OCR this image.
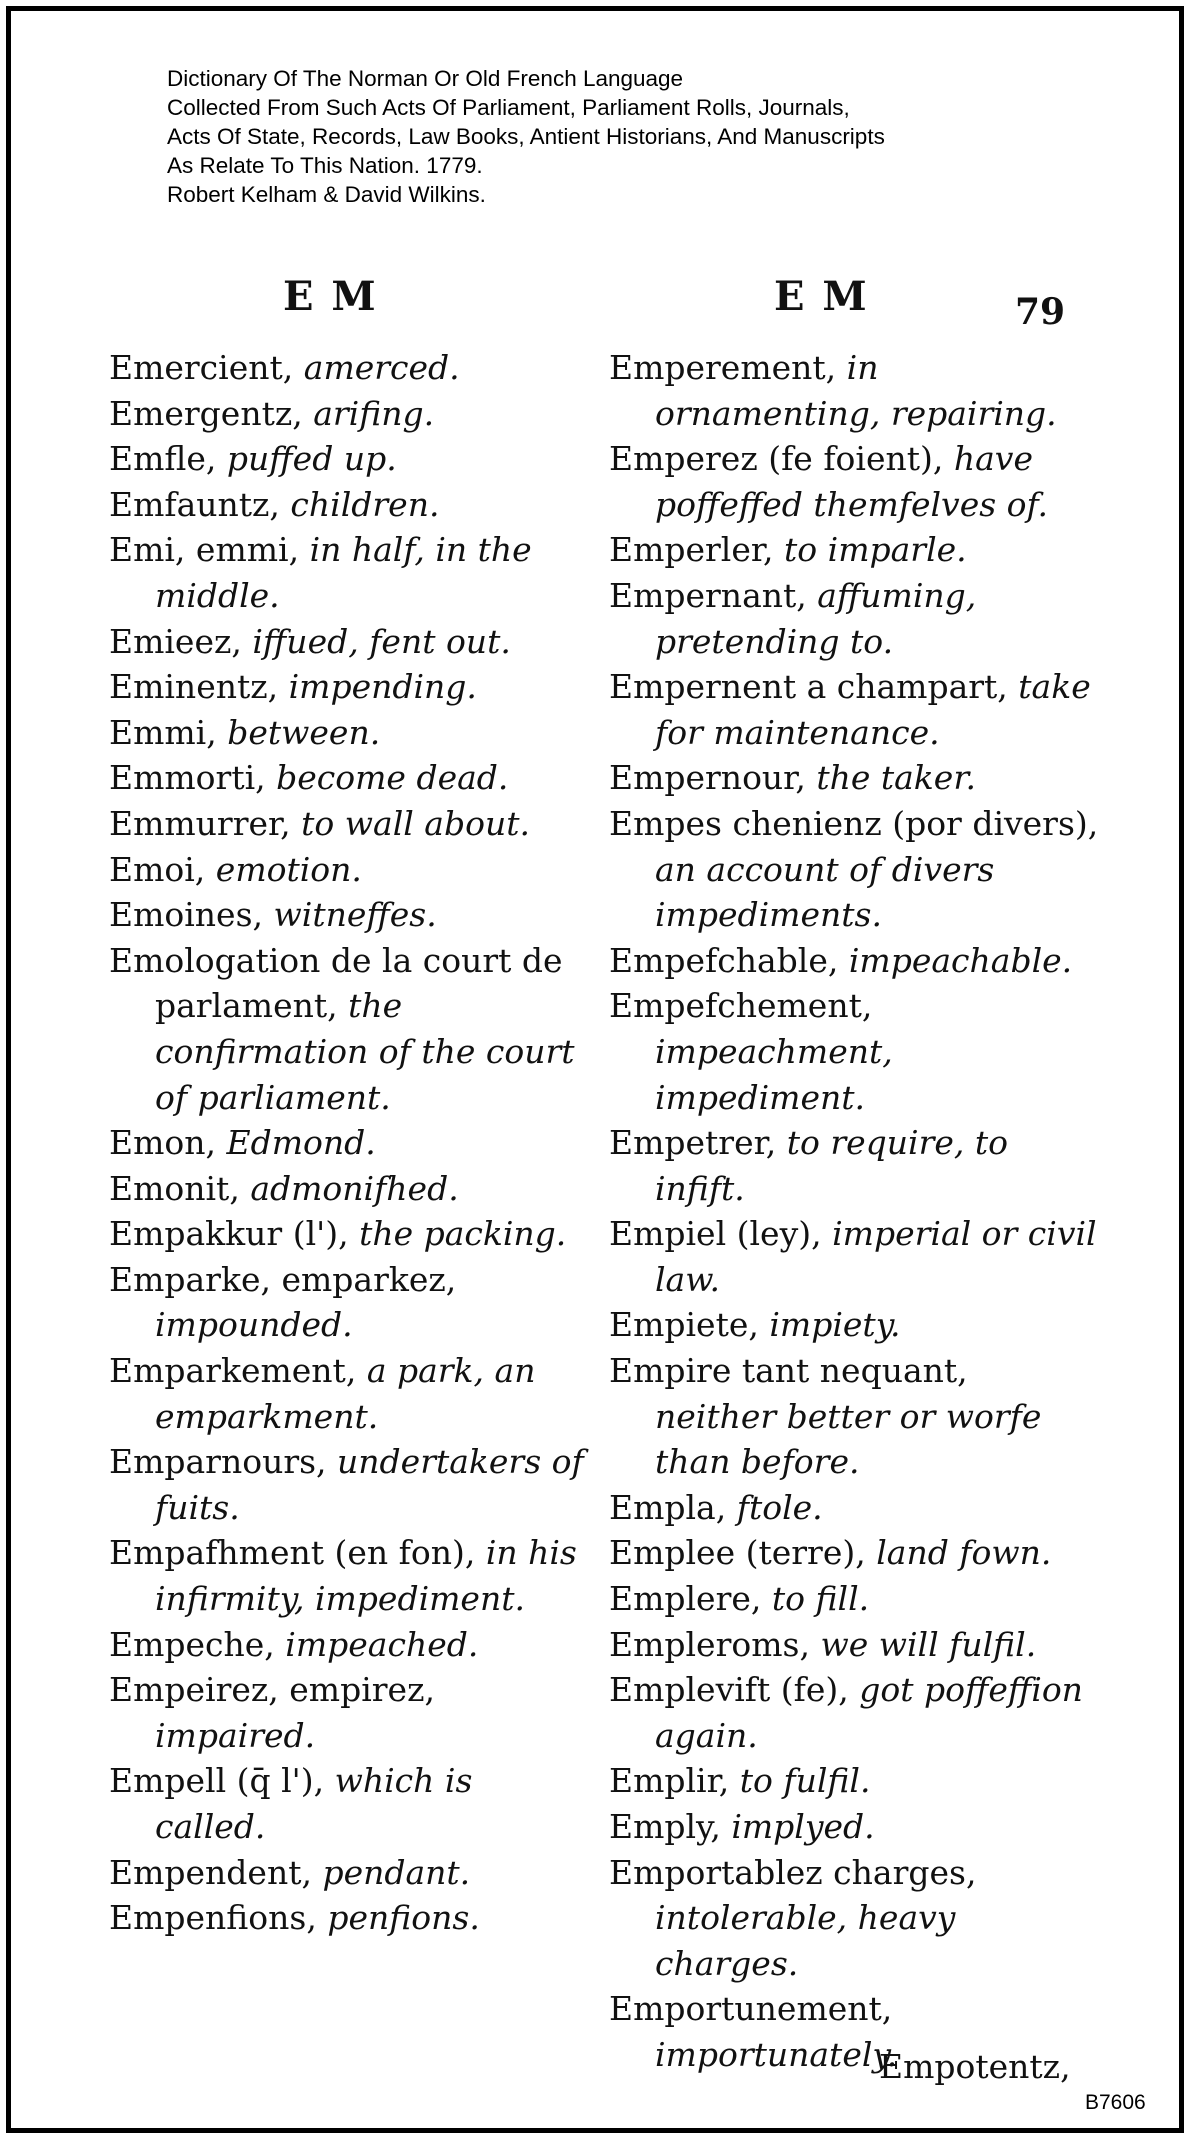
Dictionary Of The Norman Or Old French Language
Collected From Such Acts Of Parliament, Parliament Rolls, Journals,
Acts Of State, Records, Law Books, Antient Historians, And Manuscripts
As Relate To This Nation. 1779.
Robert Kelham & David Wilkins.
E M	E M	79
Emercient, amerced.
Emergentz, arifing.
Emfle, puffed up.
Emfauntz, children.
Emi, emmi, in half, in the middle.
Emieez, iffued, fent out.
Eminentz, impending.
Emmi, between.
Emmorti, become dead.
Emmurrer, to wall about.
Emoi, emotion.
Emoines, witneffes.
Emologation de la court de parlament, the confirmation of the court of parliament.
Emon, Edmond.
Emonit, admonifhed.
Empakkur (l'), the packing.
Emparke, emparkez, impounded.
Emparkement, a park, an emparkment.
Emparnours, undertakers of fuits.
Empafhment (en fon), in his infirmity, impediment.
Empeche, impeached.
Empeirez, empirez, impaired.
Empell (q̄ l'), which is called.
Empendent, pendant.
Empenfions, penfions.
Emperement, in ornamenting, repairing.
Emperez (fe foient), have poffeffed themfelves of.
Emperler, to imparle.
Empernant, affuming, pretending to.
Empernent a champart, take for maintenance.
Empernour, the taker.
Empes chenienz (por divers), an account of divers impediments.
Empefchable, impeachable.
Empefchement, impeachment, impediment.
Empetrer, to require, to infift.
Empiel (ley), imperial or civil law.
Empiete, impiety.
Empire tant nequant, neither better or worfe than before.
Empla, ftole.
Emplee (terre), land fown.
Emplere, to fill.
Empleroms, we will fulfil.
Emplevift (fe), got poffeffion again.
Emplir, to fulfil.
Emply, implyed.
Emportablez charges, intolerable, heavy charges.
Emportunement, importunately.
Empotentz,
B7606
